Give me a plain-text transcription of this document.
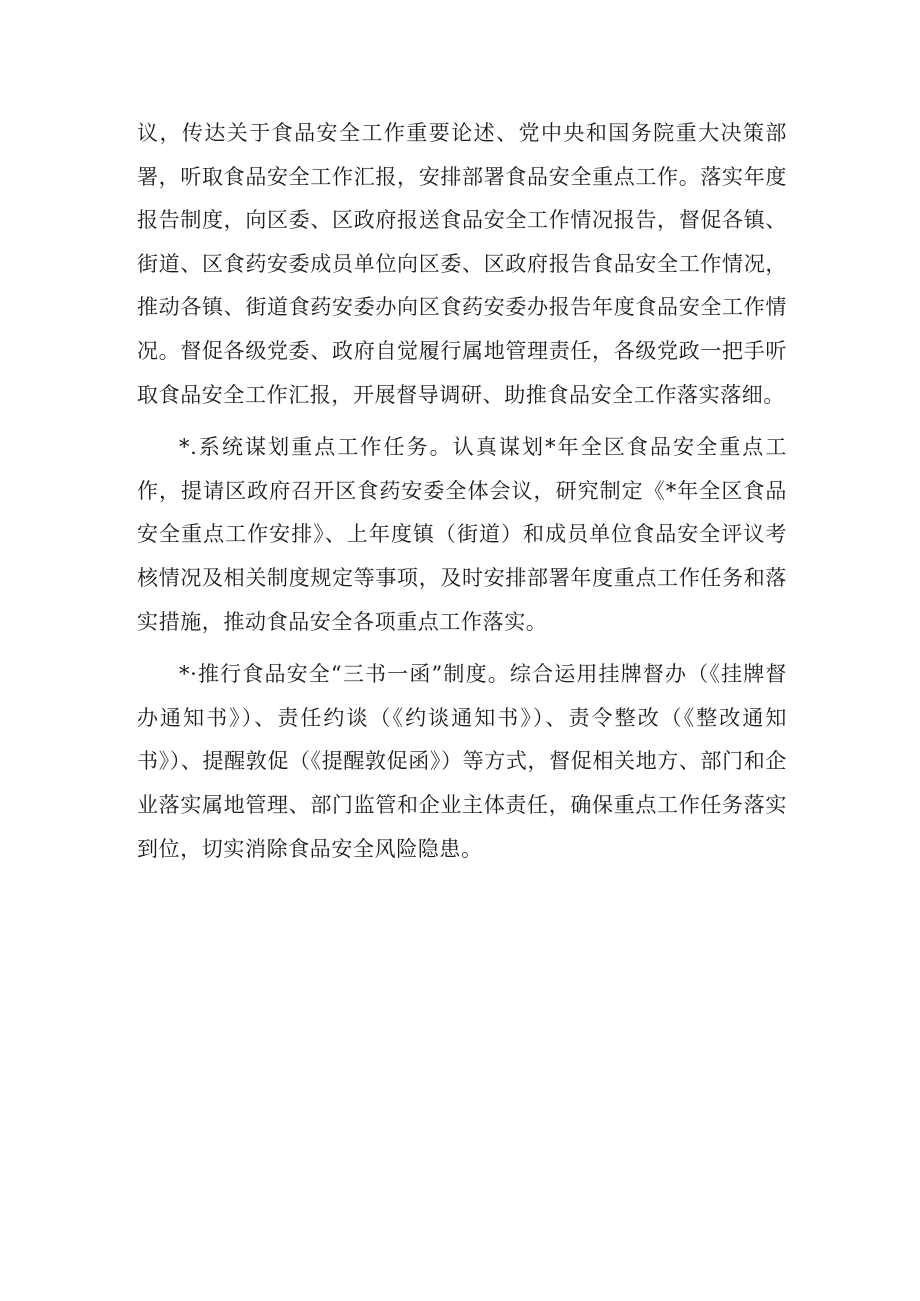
议，传达关于食品安全工作重要论述、党中央和国务院重大决策部署，听取食品安全工作汇报，安排部署食品安全重点工作。落实年度报告制度，向区委、区政府报送食品安全工作情况报告，督促各镇、街道、区食药安委成员单位向区委、区政府报告食品安全工作情况，推动各镇、街道食药安委办向区食药安委办报告年度食品安全工作情况。督促各级党委、政府自觉履行属地管理责任，各级党政一把手听取食品安全工作汇报，开展督导调研、助推食品安全工作落实落细。

*.系统谋划重点工作任务。认真谋划*年全区食品安全重点工作，提请区政府召开区食药安委全体会议，研究制定《*年全区食品安全重点工作安排》、上年度镇（街道）和成员单位食品安全评议考核情况及相关制度规定等事项，及时安排部署年度重点工作任务和落实措施，推动食品安全各项重点工作落实。

*·推行食品安全“三书一函”制度。综合运用挂牌督办（《挂牌督办通知书》）、责任约谈（《约谈通知书》）、责令整改（《整改通知书》）、提醒敦促（《提醒敦促函》）等方式，督促相关地方、部门和企业落实属地管理、部门监管和企业主体责任，确保重点工作任务落实到位，切实消除食品安全风险隐患。
